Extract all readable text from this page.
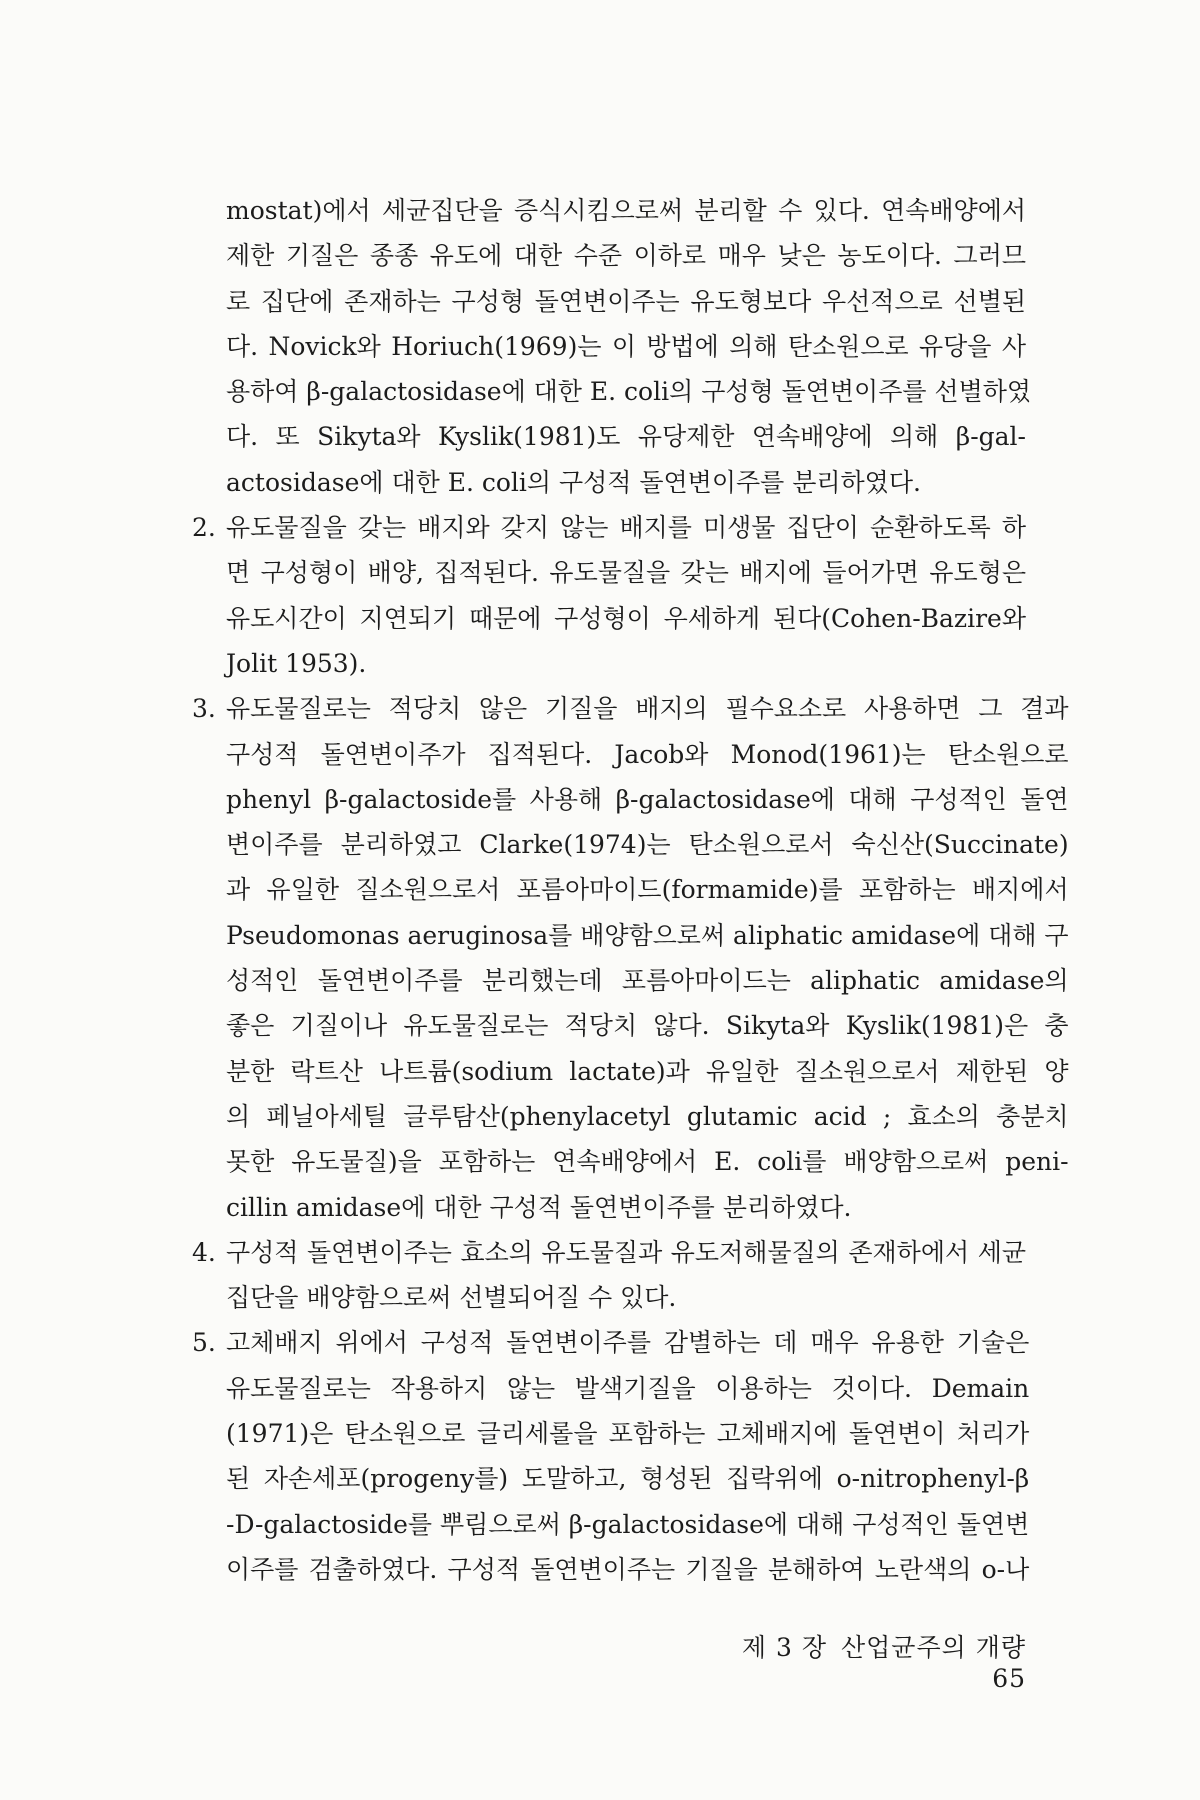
mostat)에서 세균집단을 증식시킴으로써 분리할 수 있다. 연속배양에서
제한 기질은 종종 유도에 대한 수준 이하로 매우 낮은 농도이다. 그러므
로 집단에 존재하는 구성형 돌연변이주는 유도형보다 우선적으로 선별된
다. Novick와 Horiuch(1969)는 이 방법에 의해 탄소원으로 유당을 사
용하여 β-galactosidase에 대한 E. coli의 구성형 돌연변이주를 선별하였
다. 또 Sikyta와 Kyslik(1981)도 유당제한 연속배양에 의해 β-gal-
actosidase에 대한 E. coli의 구성적 돌연변이주를 분리하였다.
2. 유도물질을 갖는 배지와 갖지 않는 배지를 미생물 집단이 순환하도록 하
면 구성형이 배양, 집적된다. 유도물질을 갖는 배지에 들어가면 유도형은
유도시간이 지연되기 때문에 구성형이 우세하게 된다(Cohen-Bazire와
Jolit 1953).
3. 유도물질로는 적당치 않은 기질을 배지의 필수요소로 사용하면 그 결과
구성적 돌연변이주가 집적된다. Jacob와 Monod(1961)는 탄소원으로
phenyl β-galactoside를 사용해 β-galactosidase에 대해 구성적인 돌연
변이주를 분리하였고 Clarke(1974)는 탄소원으로서 숙신산(Succinate)
과 유일한 질소원으로서 포름아마이드(formamide)를 포함하는 배지에서
Pseudomonas aeruginosa를 배양함으로써 aliphatic amidase에 대해 구
성적인 돌연변이주를 분리했는데 포름아마이드는 aliphatic amidase의
좋은 기질이나 유도물질로는 적당치 않다. Sikyta와 Kyslik(1981)은 충
분한 락트산 나트륨(sodium lactate)과 유일한 질소원으로서 제한된 양
의 페닐아세틸 글루탐산(phenylacetyl glutamic acid ; 효소의 충분치
못한 유도물질)을 포함하는 연속배양에서 E. coli를 배양함으로써 peni-
cillin amidase에 대한 구성적 돌연변이주를 분리하였다.
4. 구성적 돌연변이주는 효소의 유도물질과 유도저해물질의 존재하에서 세균
집단을 배양함으로써 선별되어질 수 있다.
5. 고체배지 위에서 구성적 돌연변이주를 감별하는 데 매우 유용한 기술은
유도물질로는 작용하지 않는 발색기질을 이용하는 것이다. Demain
(1971)은 탄소원으로 글리세롤을 포함하는 고체배지에 돌연변이 처리가
된 자손세포(progeny를) 도말하고, 형성된 집락위에 o-nitrophenyl-β
-D-galactoside를 뿌림으로써 β-galactosidase에 대해 구성적인 돌연변
이주를 검출하였다. 구성적 돌연변이주는 기질을 분해하여 노란색의 o-나
제 3 장 산업균주의 개량65
